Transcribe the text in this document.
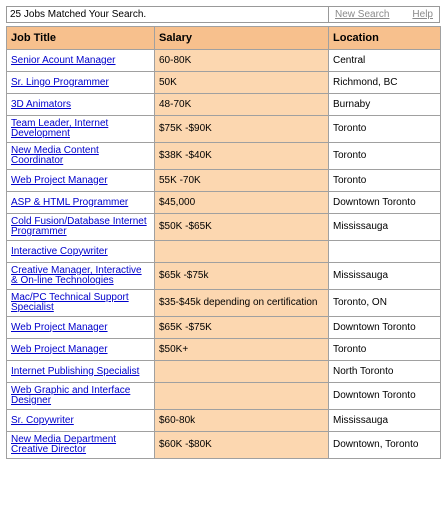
25 Jobs Matched Your Search.	New Search Help
Job Title	Salary	Location
Senior Acount Manager	60-80K	Central
Sr. Lingo Programmer	50K	Richmond, BC
3D Animators	48-70K	Burnaby
Team Leader, Internet Development	$75K -$90K	Toronto
New Media Content Coordinator	$38K -$40K	Toronto
Web Project Manager	55K -70K	Toronto
ASP & HTML Programmer	$45,000	Downtown Toronto
Cold Fusion/Database Internet Programmer	$50K -$65K	Mississauga
Interactive Copywriter		
Creative Manager, Interactive & On-line Technologies	$65k -$75k	Mississauga
Mac/PC Technical Support Specialist	$35-$45k depending on certification	Toronto, ON
Web Project Manager	$65K -$75K	Downtown Toronto
Web Project Manager	$50K+	Toronto
Internet Publishing Specialist		North Toronto
Web Graphic and Interface Designer		Downtown Toronto
Sr. Copywriter	$60-80k	Mississauga
New Media Department Creative Director	$60K -$80K	Downtown, Toronto
